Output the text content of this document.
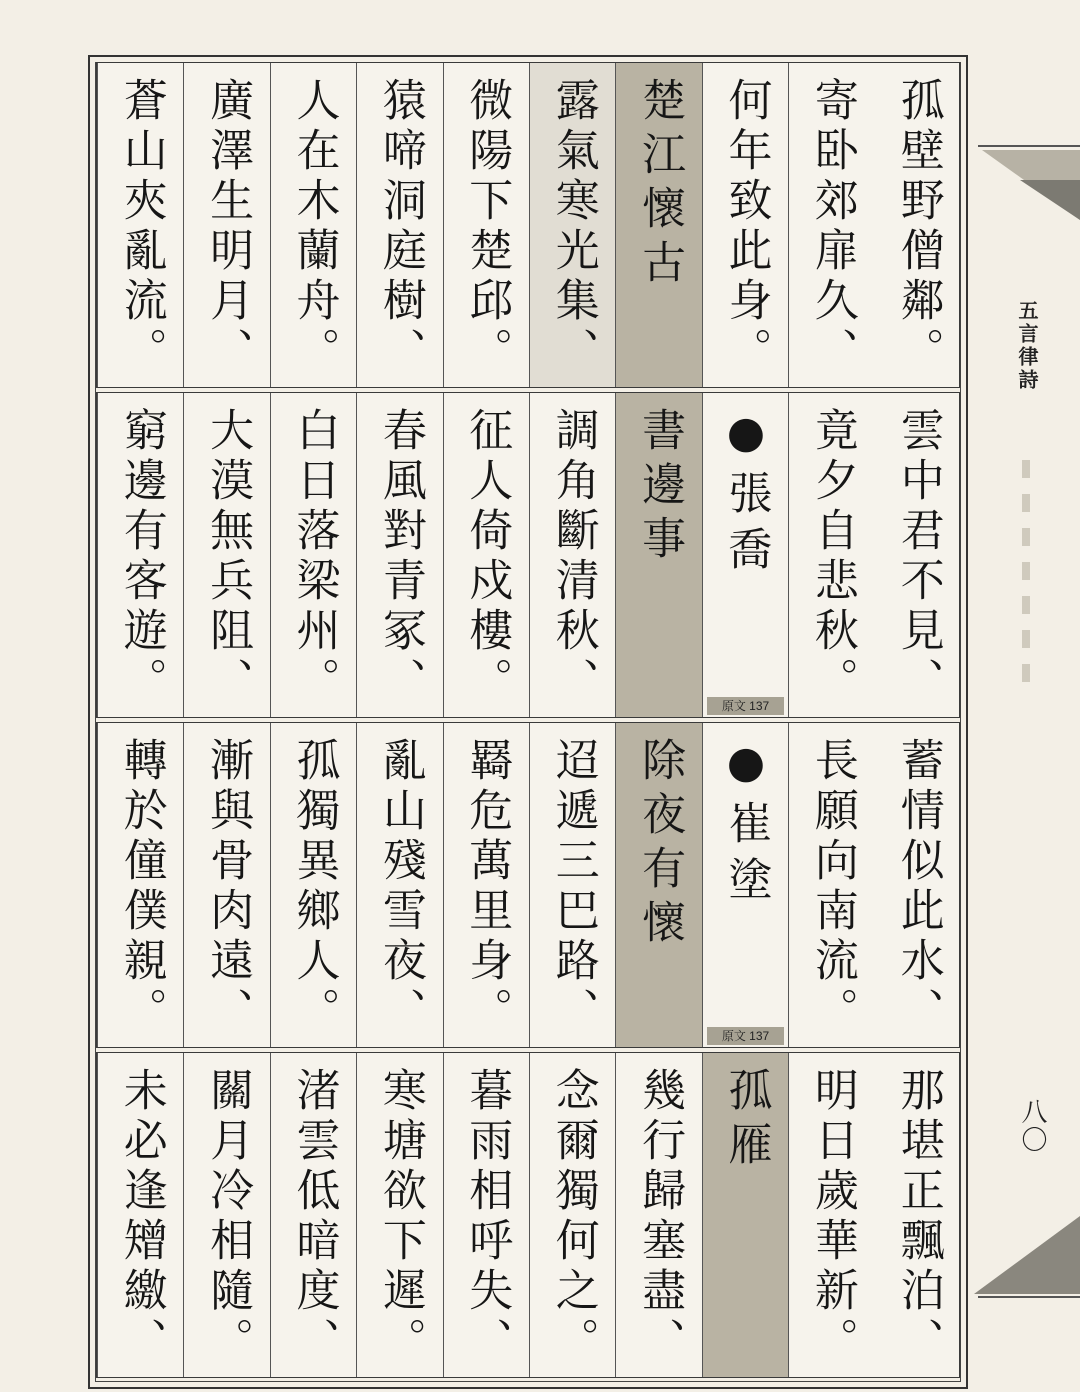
孤壁野僧鄰。
寄卧郊扉久、
何年致此身。
楚江懷古
露氣寒光集、
微陽下楚邱。
猿啼洞庭樹、
人在木蘭舟。
廣澤生明月、
蒼山夾亂流。
雲中君不見、
竟夕自悲秋。
●張喬
原文 137
書邊事
調角斷清秋、
征人倚戍樓。
春風對青冢、
白日落梁州。
大漠無兵阻、
窮邊有客遊。
蓄情似此水、
長願向南流。
●崔塗
原文 137
除夜有懷
迢遞三巴路、
羇危萬里身。
亂山殘雪夜、
孤獨異鄉人。
漸與骨肉遠、
轉於僮僕親。
那堪正飄泊、
明日歲華新。
孤雁
幾行歸塞盡、
念爾獨何之。
暮雨相呼失、
寒塘欲下遲。
渚雲低暗度、
關月冷相隨。
未必逢矰繳、
五言律詩
八〇
